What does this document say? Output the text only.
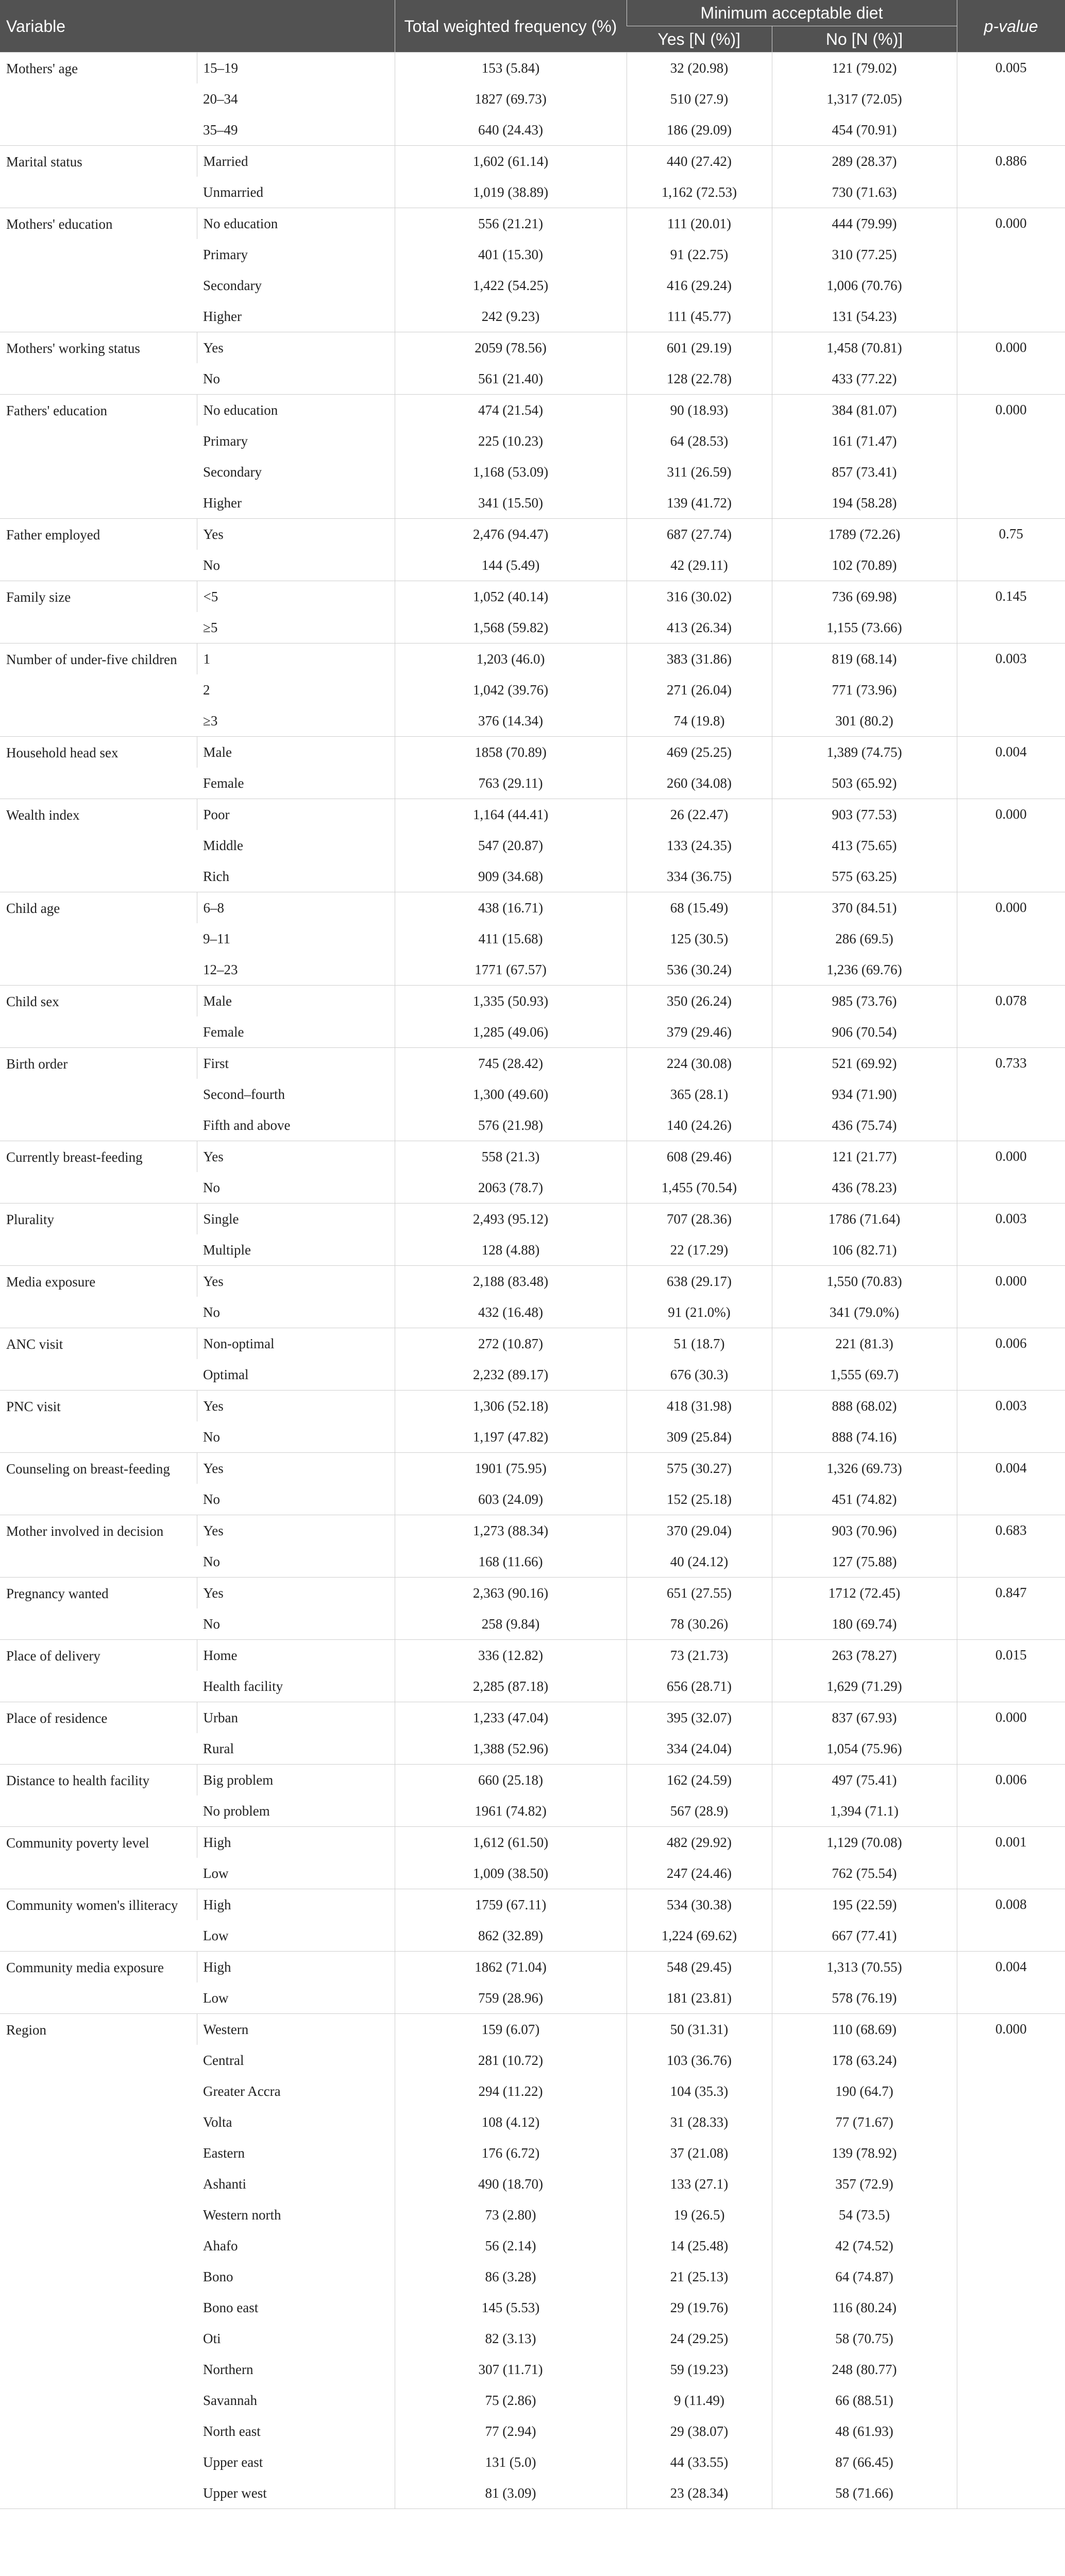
Variable		Total weighted frequency (%)	Minimum acceptable diet		p-value
			Yes [N (%)]	No [N (%)]	
Mothers' age	15–19	153 (5.84)	32 (20.98)	121 (79.02)	0.005
	20–34	1827 (69.73)	510 (27.9)	1,317 (72.05)	
	35–49	640 (24.43)	186 (29.09)	454 (70.91)	
Marital status	Married	1,602 (61.14)	440 (27.42)	289 (28.37)	0.886
	Unmarried	1,019 (38.89)	1,162 (72.53)	730 (71.63)	
Mothers' education	No education	556 (21.21)	111 (20.01)	444 (79.99)	0.000
	Primary	401 (15.30)	91 (22.75)	310 (77.25)	
	Secondary	1,422 (54.25)	416 (29.24)	1,006 (70.76)	
	Higher	242 (9.23)	111 (45.77)	131 (54.23)	
Mothers' working status	Yes	2059 (78.56)	601 (29.19)	1,458 (70.81)	0.000
	No	561 (21.40)	128 (22.78)	433 (77.22)	
Fathers' education	No education	474 (21.54)	90 (18.93)	384 (81.07)	0.000
	Primary	225 (10.23)	64 (28.53)	161 (71.47)	
	Secondary	1,168 (53.09)	311 (26.59)	857 (73.41)	
	Higher	341 (15.50)	139 (41.72)	194 (58.28)	
Father employed	Yes	2,476 (94.47)	687 (27.74)	1789 (72.26)	0.75
	No	144 (5.49)	42 (29.11)	102 (70.89)	
Family size	<5	1,052 (40.14)	316 (30.02)	736 (69.98)	0.145
	≥5	1,568 (59.82)	413 (26.34)	1,155 (73.66)	
Number of under-five children	1	1,203 (46.0)	383 (31.86)	819 (68.14)	0.003
	2	1,042 (39.76)	271 (26.04)	771 (73.96)	
	≥3	376 (14.34)	74 (19.8)	301 (80.2)	
Household head sex	Male	1858 (70.89)	469 (25.25)	1,389 (74.75)	0.004
	Female	763 (29.11)	260 (34.08)	503 (65.92)	
Wealth index	Poor	1,164 (44.41)	26 (22.47)	903 (77.53)	0.000
	Middle	547 (20.87)	133 (24.35)	413 (75.65)	
	Rich	909 (34.68)	334 (36.75)	575 (63.25)	
Child age	6–8	438 (16.71)	68 (15.49)	370 (84.51)	0.000
	9–11	411 (15.68)	125 (30.5)	286 (69.5)	
	12–23	1771 (67.57)	536 (30.24)	1,236 (69.76)	
Child sex	Male	1,335 (50.93)	350 (26.24)	985 (73.76)	0.078
	Female	1,285 (49.06)	379 (29.46)	906 (70.54)	
Birth order	First	745 (28.42)	224 (30.08)	521 (69.92)	0.733
	Second–fourth	1,300 (49.60)	365 (28.1)	934 (71.90)	
	Fifth and above	576 (21.98)	140 (24.26)	436 (75.74)	
Currently breast-feeding	Yes	558 (21.3)	608 (29.46)	121 (21.77)	0.000
	No	2063 (78.7)	1,455 (70.54)	436 (78.23)	
Plurality	Single	2,493 (95.12)	707 (28.36)	1786 (71.64)	0.003
	Multiple	128 (4.88)	22 (17.29)	106 (82.71)	
Media exposure	Yes	2,188 (83.48)	638 (29.17)	1,550 (70.83)	0.000
	No	432 (16.48)	91 (21.0%)	341 (79.0%)	
ANC visit	Non-optimal	272 (10.87)	51 (18.7)	221 (81.3)	0.006
	Optimal	2,232 (89.17)	676 (30.3)	1,555 (69.7)	
PNC visit	Yes	1,306 (52.18)	418 (31.98)	888 (68.02)	0.003
	No	1,197 (47.82)	309 (25.84)	888 (74.16)	
Counseling on breast-feeding	Yes	1901 (75.95)	575 (30.27)	1,326 (69.73)	0.004
	No	603 (24.09)	152 (25.18)	451 (74.82)	
Mother involved in decision	Yes	1,273 (88.34)	370 (29.04)	903 (70.96)	0.683
	No	168 (11.66)	40 (24.12)	127 (75.88)	
Pregnancy wanted	Yes	2,363 (90.16)	651 (27.55)	1712 (72.45)	0.847
	No	258 (9.84)	78 (30.26)	180 (69.74)	
Place of delivery	Home	336 (12.82)	73 (21.73)	263 (78.27)	0.015
	Health facility	2,285 (87.18)	656 (28.71)	1,629 (71.29)	
Place of residence	Urban	1,233 (47.04)	395 (32.07)	837 (67.93)	0.000
	Rural	1,388 (52.96)	334 (24.04)	1,054 (75.96)	
Distance to health facility	Big problem	660 (25.18)	162 (24.59)	497 (75.41)	0.006
	No problem	1961 (74.82)	567 (28.9)	1,394 (71.1)	
Community poverty level	High	1,612 (61.50)	482 (29.92)	1,129 (70.08)	0.001
	Low	1,009 (38.50)	247 (24.46)	762 (75.54)	
Community women's illiteracy	High	1759 (67.11)	534 (30.38)	195 (22.59)	0.008
	Low	862 (32.89)	1,224 (69.62)	667 (77.41)	
Community media exposure	High	1862 (71.04)	548 (29.45)	1,313 (70.55)	0.004
	Low	759 (28.96)	181 (23.81)	578 (76.19)	
Region	Western	159 (6.07)	50 (31.31)	110 (68.69)	0.000
	Central	281 (10.72)	103 (36.76)	178 (63.24)	
	Greater Accra	294 (11.22)	104 (35.3)	190 (64.7)	
	Volta	108 (4.12)	31 (28.33)	77 (71.67)	
	Eastern	176 (6.72)	37 (21.08)	139 (78.92)	
	Ashanti	490 (18.70)	133 (27.1)	357 (72.9)	
	Western north	73 (2.80)	19 (26.5)	54 (73.5)	
	Ahafo	56 (2.14)	14 (25.48)	42 (74.52)	
	Bono	86 (3.28)	21 (25.13)	64 (74.87)	
	Bono east	145 (5.53)	29 (19.76)	116 (80.24)	
	Oti	82 (3.13)	24 (29.25)	58 (70.75)	
	Northern	307 (11.71)	59 (19.23)	248 (80.77)	
	Savannah	75 (2.86)	9 (11.49)	66 (88.51)	
	North east	77 (2.94)	29 (38.07)	48 (61.93)	
	Upper east	131 (5.0)	44 (33.55)	87 (66.45)	
	Upper west	81 (3.09)	23 (28.34)	58 (71.66)	
